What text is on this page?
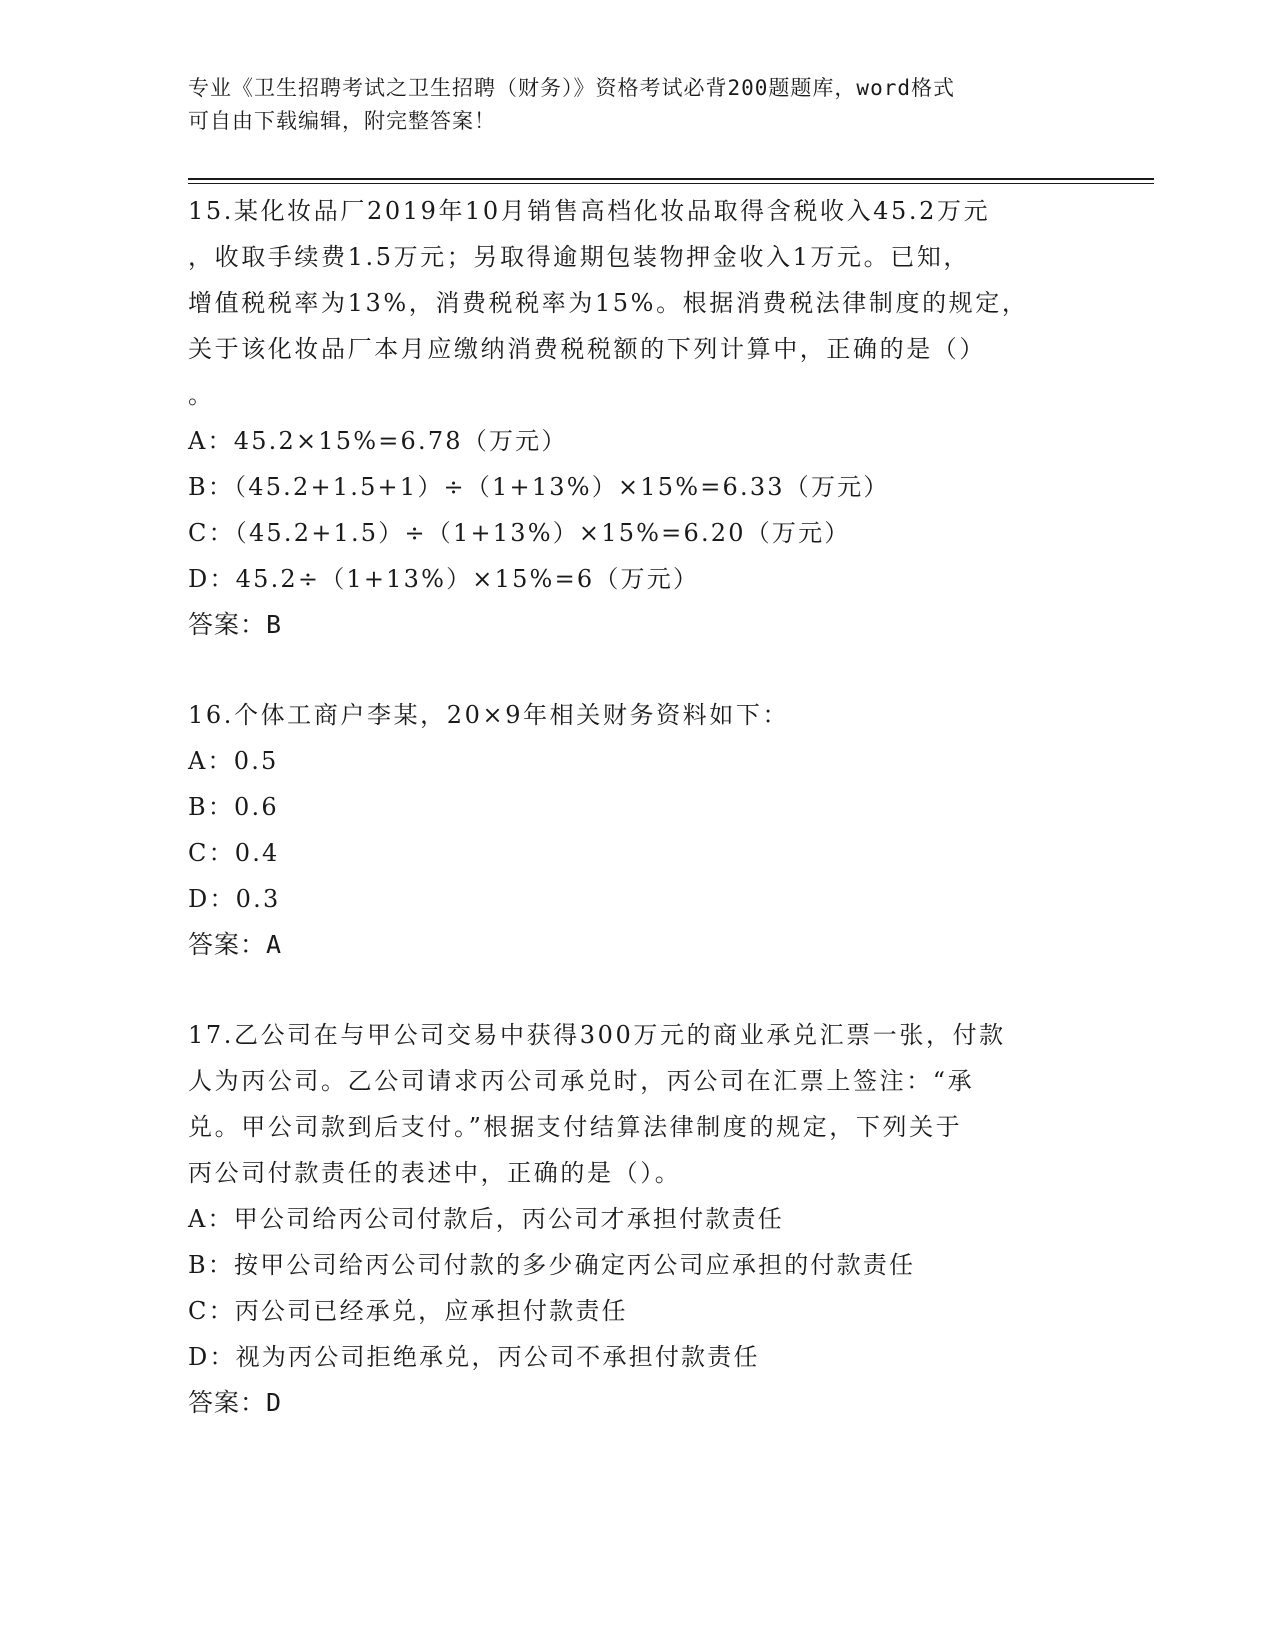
专业《卫生招聘考试之卫生招聘（财务）》资格考试必背200题题库，word格式
可自由下载编辑，附完整答案！
15.某化妆品厂2019年10月销售高档化妆品取得含税收入45.2万元
，收取手续费1.5万元；另取得逾期包装物押金收入1万元。已知，
增值税税率为13%，消费税税率为15%。根据消费税法律制度的规定，
关于该化妆品厂本月应缴纳消费税税额的下列计算中，正确的是（）
。
A：45.2×15%=6.78（万元）
B：（45.2+1.5+1）÷（1+13%）×15%=6.33（万元）
C：（45.2+1.5）÷（1+13%）×15%=6.20（万元）
D：45.2÷（1+13%）×15%=6（万元）
答案：B
16.个体工商户李某，20×9年相关财务资料如下：
A：0.5
B：0.6
C：0.4
D：0.3
答案：A
17.乙公司在与甲公司交易中获得300万元的商业承兑汇票一张，付款
人为丙公司。乙公司请求丙公司承兑时，丙公司在汇票上签注：“承
兑。甲公司款到后支付。”根据支付结算法律制度的规定，下列关于
丙公司付款责任的表述中，正确的是（）。
A：甲公司给丙公司付款后，丙公司才承担付款责任
B：按甲公司给丙公司付款的多少确定丙公司应承担的付款责任
C：丙公司已经承兑，应承担付款责任
D：视为丙公司拒绝承兑，丙公司不承担付款责任
答案：D
